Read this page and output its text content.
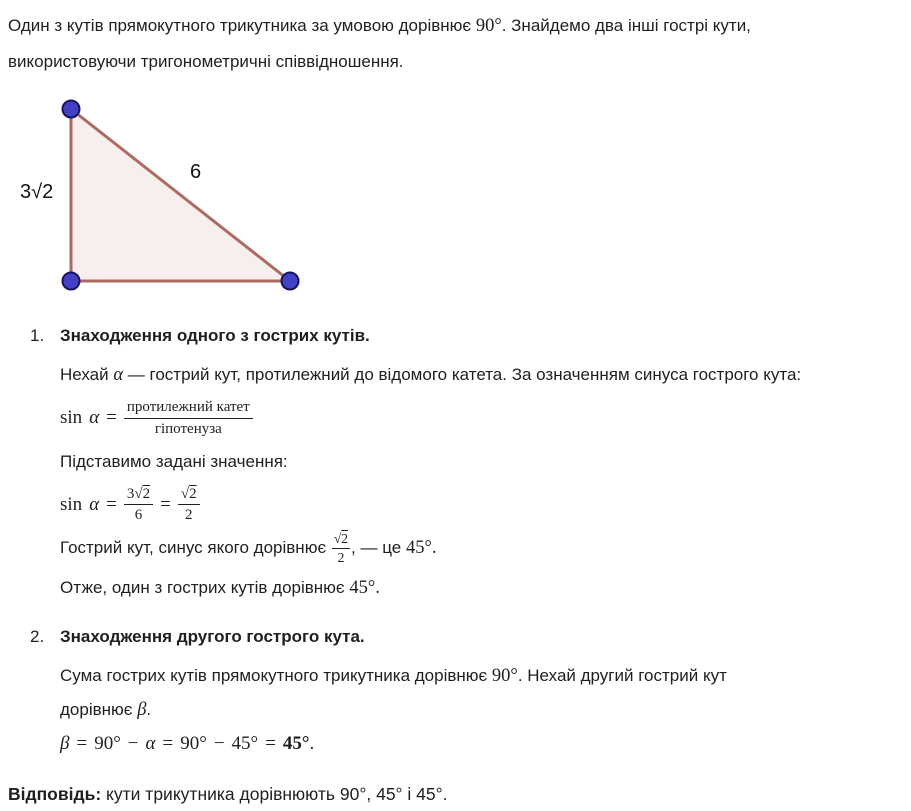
Один з кутів прямокутного трикутника за умовою дорівнює 90°. Знайдемо два інші гострі кути,
використовуючи тригонометричні співвідношення.

3√2
6
1. Знаходження одного з гострих кутів.

Нехай α — гострий кут, протилежний до відомого катета. За означенням синуса гострого кута:

$\sin \alpha = \frac{\text{протилежний катет}}{\text{гіпотенуза}}$

Підставимо задані значення:

$\sin \alpha = \frac{3√2}{6} = \frac{√2}{2}$

Гострий кут, синус якого дорівнює $\frac{√2}{2}$ , — це 45°.

Отже, один з гострих кутів дорівнює 45°.

2. Знаходження другого гострого кута.

Сума гострих кутів прямокутного трикутника дорівнює 90°. Нехай другий гострий кут
дорівнює β.

β = 90° − α = 90° − 45° = 45° .

Відповідь: кути трикутника дорівнюють 90°, 45° і 45°.
